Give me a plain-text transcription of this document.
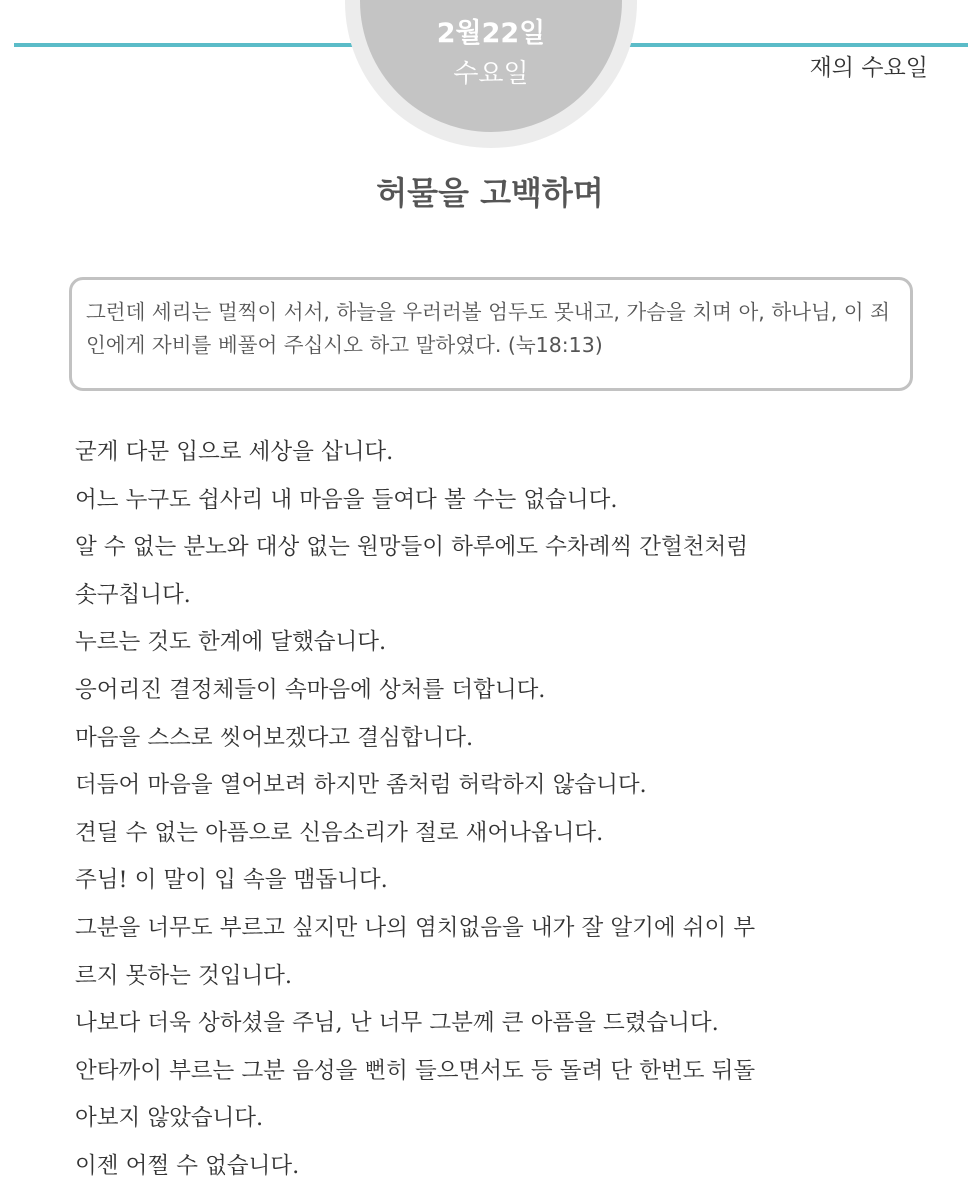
2월22일
수요일	재의 수요일
허물을 고백하며
그런데 세리는 멀찍이 서서, 하늘을 우러러볼 엄두도 못내고, 가슴을 치며 아, 하나님, 이 죄인에게 자비를 베풀어 주십시오 하고 말하였다. (눅18:13)

굳게 다문 입으로 세상을 삽니다.

어느 누구도 쉽사리 내 마음을 들여다 볼 수는 없습니다.

알 수 없는 분노와 대상 없는 원망들이 하루에도 수차례씩 간헐천처럼

솟구칩니다.

누르는 것도 한계에 달했습니다.

응어리진 결정체들이 속마음에 상처를 더합니다.

마음을 스스로 씻어보겠다고 결심합니다.

더듬어 마음을 열어보려 하지만 좀처럼 허락하지 않습니다.

견딜 수 없는 아픔으로 신음소리가 절로 새어나옵니다.

주님! 이 말이 입 속을 맴돕니다.

그분을 너무도 부르고 싶지만 나의 염치없음을 내가 잘 알기에 쉬이 부

르지 못하는 것입니다.

나보다 더욱 상하셨을 주님, 난 너무 그분께 큰 아픔을 드렸습니다.

안타까이 부르는 그분 음성을 뻔히 들으면서도 등 돌려 단 한번도 뒤돌

아보지 않았습니다.

이젠 어쩔 수 없습니다.
